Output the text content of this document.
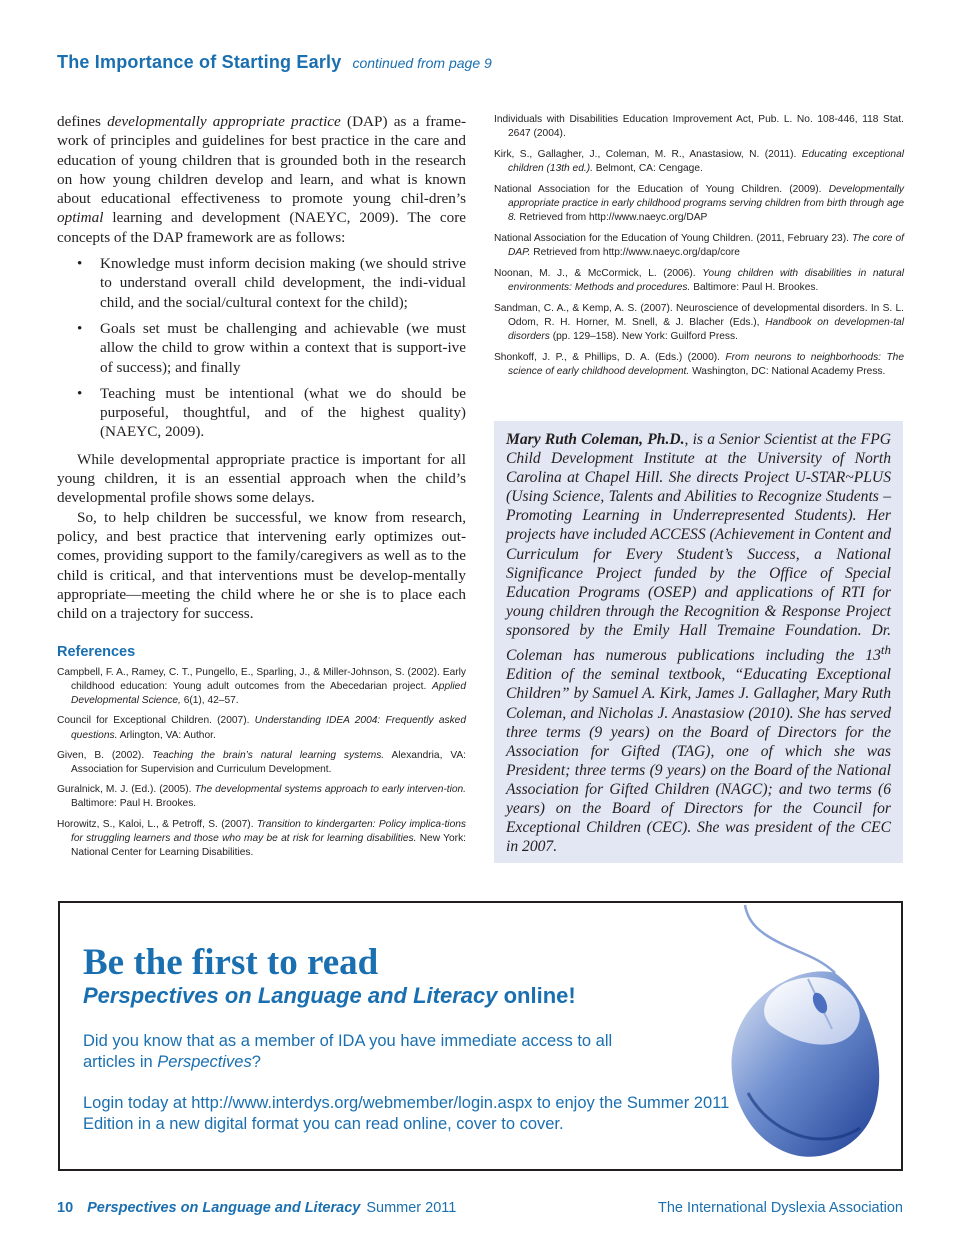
The Importance of Starting Early continued from page 9

defines developmentally appropriate practice (DAP) as a frame-work of principles and guidelines for best practice in the care and education of young children that is grounded both in the research on how young children develop and learn, and what is known about educational effectiveness to promote young chil-dren’s optimal learning and development (NAEYC, 2009). The core concepts of the DAP framework are as follows:

• Knowledge must inform decision making (we should strive to understand overall child development, the indi-vidual child, and the social/cultural context for the child);
• Goals set must be challenging and achievable (we must allow the child to grow within a context that is support-ive of success); and finally
• Teaching must be intentional (what we do should be purposeful, thoughtful, and of the highest quality) (NAEYC, 2009).

While developmental appropriate practice is important for all young children, it is an essential approach when the child’s developmental profile shows some delays.

So, to help children be successful, we know from research, policy, and best practice that intervening early optimizes out-comes, providing support to the family/caregivers as well as to the child is critical, and that interventions must be develop-mentally appropriate—meeting the child where he or she is to place each child on a trajectory for success.

References
Campbell, F. A., Ramey, C. T., Pungello, E., Sparling, J., & Miller-Johnson, S. (2002). Early childhood education: Young adult outcomes from the Abecedarian project. Applied Developmental Science, 6(1), 42–57.
Council for Exceptional Children. (2007). Understanding IDEA 2004: Frequently asked questions. Arlington, VA: Author.
Given, B. (2002). Teaching the brain’s natural learning systems. Alexandria, VA: Association for Supervision and Curriculum Development.
Guralnick, M. J. (Ed.). (2005). The developmental systems approach to early interven-tion. Baltimore: Paul H. Brookes.
Horowitz, S., Kaloi, L., & Petroff, S. (2007). Transition to kindergarten: Policy implica-tions for struggling learners and those who may be at risk for learning disabilities. New York: National Center for Learning Disabilities.
Individuals with Disabilities Education Improvement Act, Pub. L. No. 108-446, 118 Stat. 2647 (2004).
Kirk, S., Gallagher, J., Coleman, M. R., Anastasiow, N. (2011). Educating exceptional children (13th ed.). Belmont, CA: Cengage.
National Association for the Education of Young Children. (2009). Developmentally appropriate practice in early childhood programs serving children from birth through age 8. Retrieved from http://www.naeyc.org/DAP
National Association for the Education of Young Children. (2011, February 23). The core of DAP. Retrieved from http://www.naeyc.org/dap/core
Noonan, M. J., & McCormick, L. (2006). Young children with disabilities in natural environments: Methods and procedures. Baltimore: Paul H. Brookes.
Sandman, C. A., & Kemp, A. S. (2007). Neuroscience of developmental disorders. In S. L. Odom, R. H. Horner, M. Snell, & J. Blacher (Eds.), Handbook on developmen-tal disorders (pp. 129–158). New York: Guilford Press.
Shonkoff, J. P., & Phillips, D. A. (Eds.) (2000). From neurons to neighborhoods: The science of early childhood development. Washington, DC: National Academy Press.
Mary Ruth Coleman, Ph.D., is a Senior Scientist at the FPG Child Development Institute at the University of North Carolina at Chapel Hill. She directs Project U-STAR~PLUS (Using Science, Talents and Abilities to Recognize Students – Promoting Learning in Underrepresented Students). Her projects have included ACCESS (Achievement in Content and Curriculum for Every Student’s Success, a National Significance Project funded by the Office of Special Education Programs (OSEP) and applications of RTI for young children through the Recognition & Response Project sponsored by the Emily Hall Tremaine Foundation. Dr. Coleman has numerous publications including the 13th Edition of the seminal textbook, “Educating Exceptional Children” by Samuel A. Kirk, James J. Gallagher, Mary Ruth Coleman, and Nicholas J. Anastasiow (2010). She has served three terms (9 years) on the Board of Directors for the Association for Gifted (TAG), one of which she was President; three terms (9 years) on the Board of the National Association for Gifted Children (NAGC); and two terms (6 years) on the Board of Directors for the Council for Exceptional Children (CEC). She was president of the CEC in 2007.
Be the first to read
Perspectives on Language and Literacy online!
Did you know that as a member of IDA you have immediate access to all articles in Perspectives?
Login today at http://www.interdys.org/webmember/login.aspx to enjoy the Summer 2011 Edition in a new digital format you can read online, cover to cover.
10 Perspectives on Language and Literacy Summer 2011	The International Dyslexia Association
